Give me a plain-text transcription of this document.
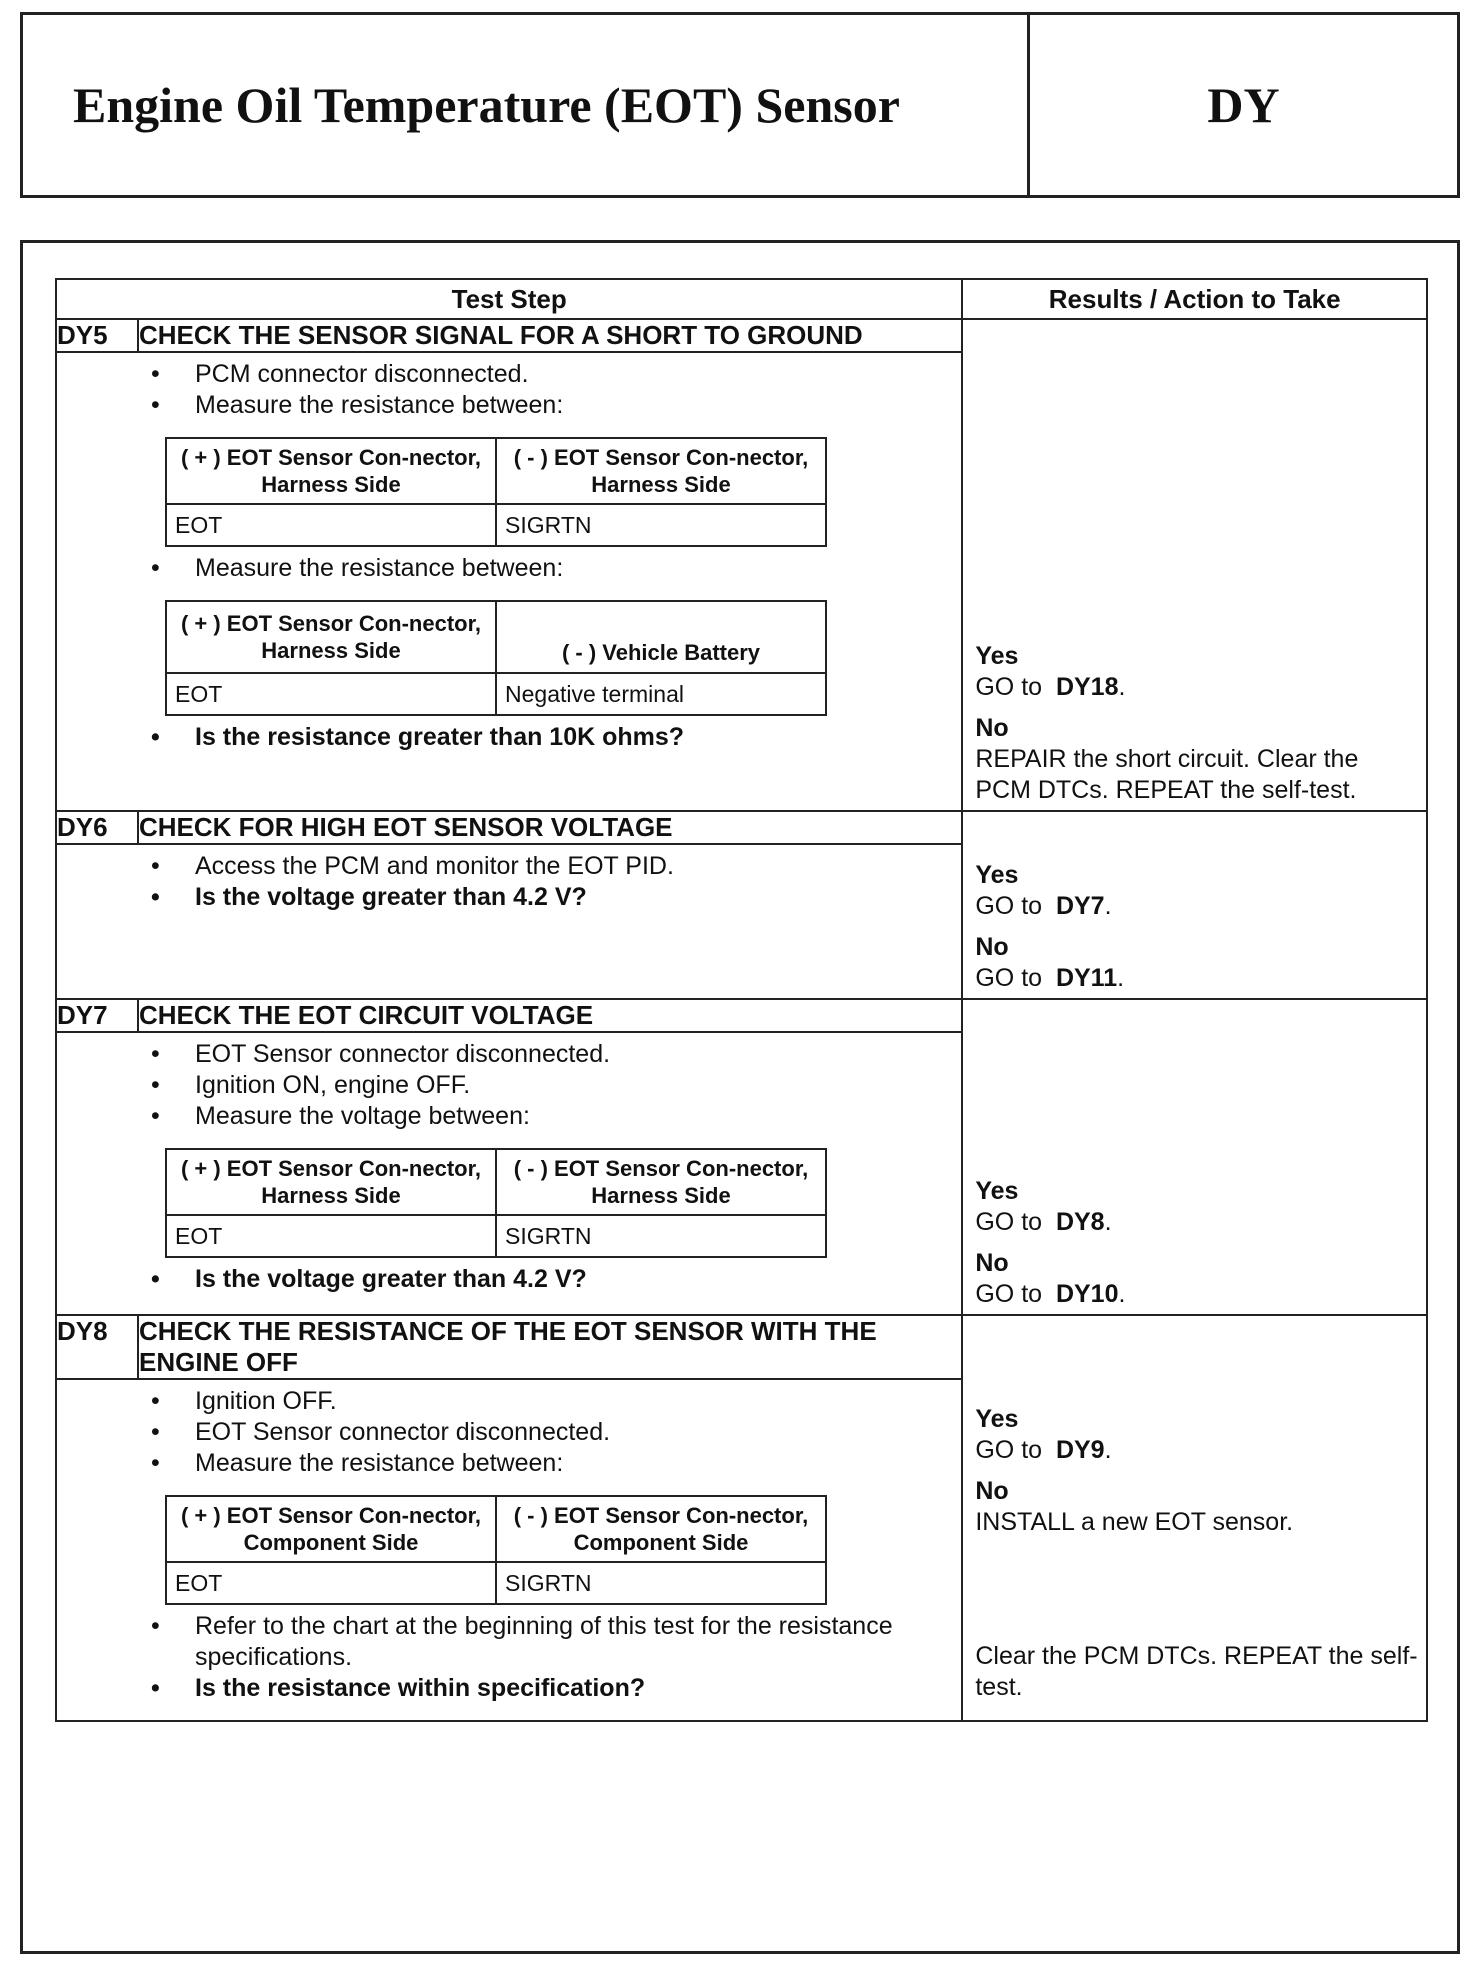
Engine Oil Temperature (EOT) Sensor	DY
Test Step	Results / Action to Take

DY5	CHECK THE SENSOR SIGNAL FOR A SHORT TO GROUND
• PCM connector disconnected.
• Measure the resistance between:
( + ) EOT Sensor Con-nector, Harness Side	( - ) EOT Sensor Con-nector, Harness Side
EOT	SIGRTN
• Measure the resistance between:
( + ) EOT Sensor Con-nector, Harness Side	( - ) Vehicle Battery
EOT	Negative terminal
• Is the resistance greater than 10K ohms?

Yes
GO to DY18.
No
REPAIR the short circuit. Clear the PCM DTCs. REPEAT the self-test.

DY6	CHECK FOR HIGH EOT SENSOR VOLTAGE
• Access the PCM and monitor the EOT PID.
• Is the voltage greater than 4.2 V?

Yes
GO to DY7.
No
GO to DY11.

DY7	CHECK THE EOT CIRCUIT VOLTAGE
• EOT Sensor connector disconnected.
• Ignition ON, engine OFF.
• Measure the voltage between:
( + ) EOT Sensor Con-nector, Harness Side	( - ) EOT Sensor Con-nector, Harness Side
EOT	SIGRTN
• Is the voltage greater than 4.2 V?

Yes
GO to DY8.
No
GO to DY10.

DY8	CHECK THE RESISTANCE OF THE EOT SENSOR WITH THE ENGINE OFF
• Ignition OFF.
• EOT Sensor connector disconnected.
• Measure the resistance between:
( + ) EOT Sensor Con-nector, Component Side	( - ) EOT Sensor Con-nector, Component Side
EOT	SIGRTN
• Refer to the chart at the beginning of this test for the resistance specifications.
• Is the resistance within specification?

Yes
GO to DY9.
No
INSTALL a new EOT sensor.
Clear the PCM DTCs. REPEAT the self-test.
